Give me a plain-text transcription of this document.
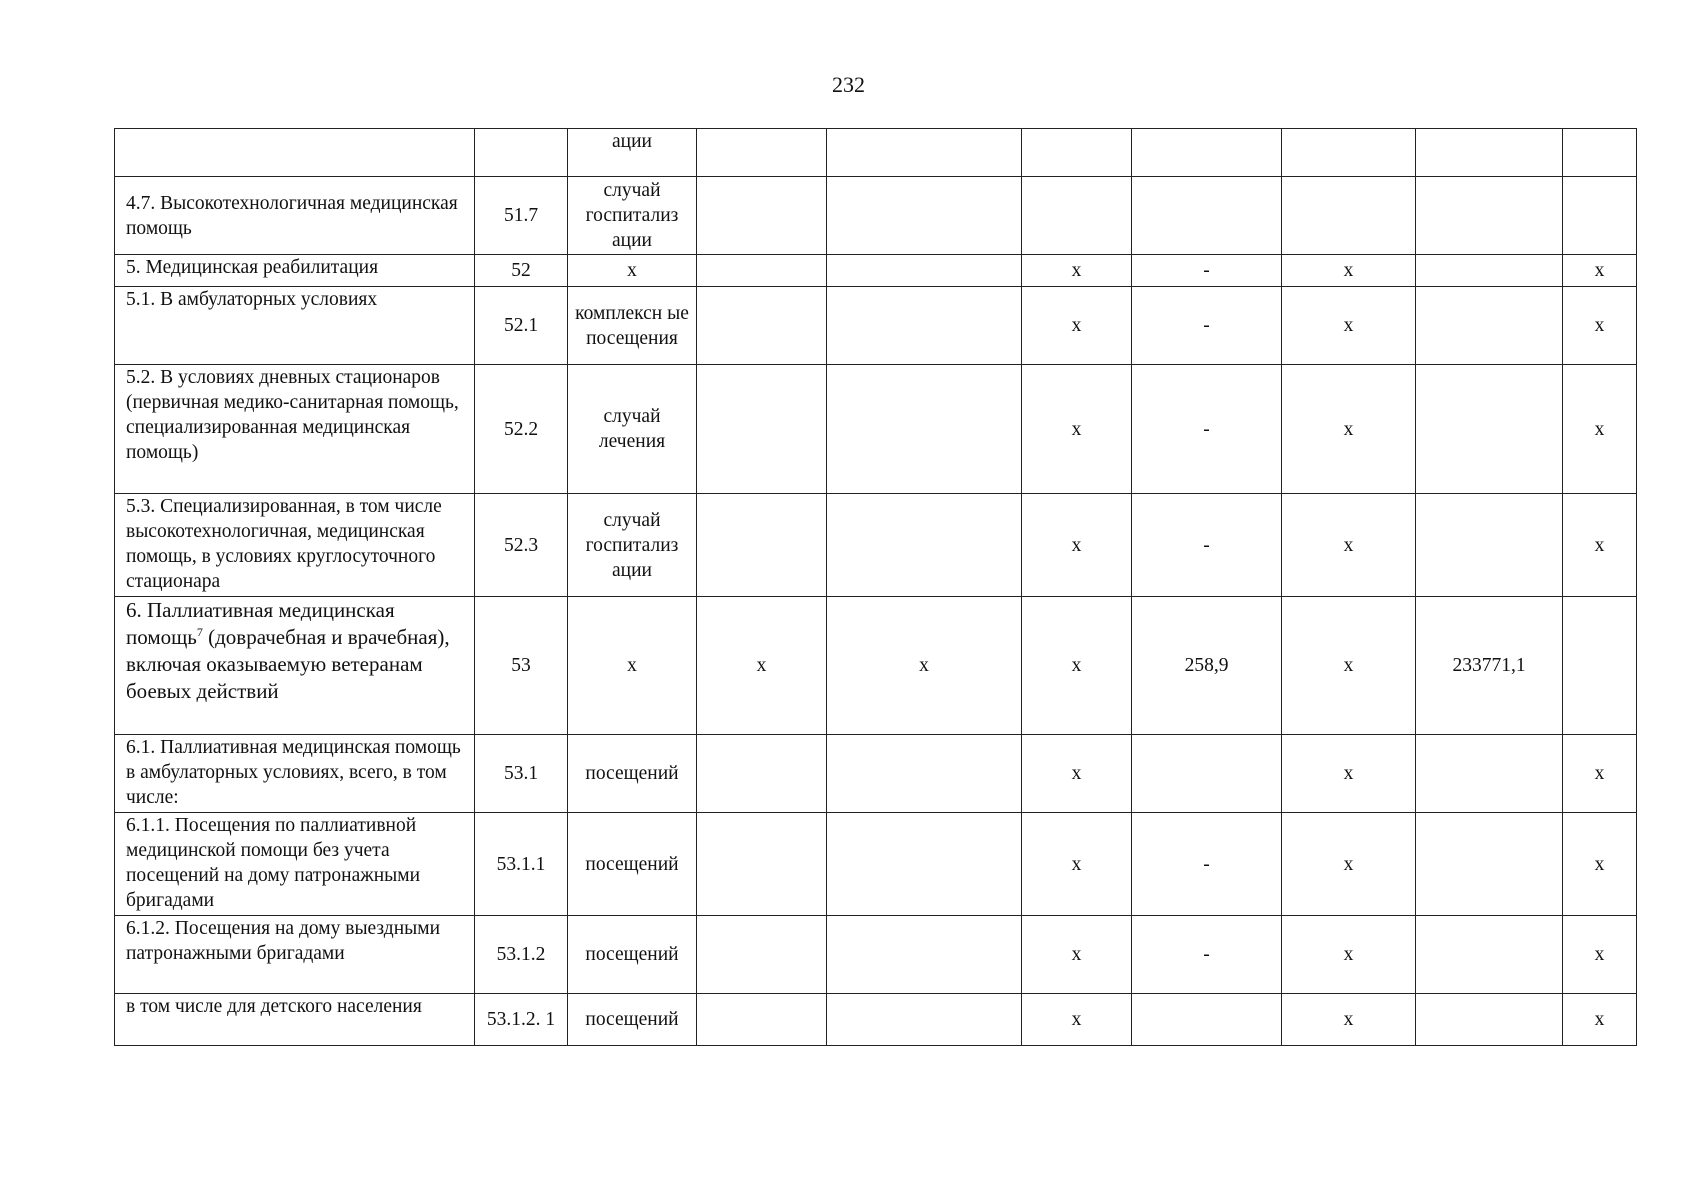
232
		ации							
4.7. Высокотехнологичная медицинская помощь	51.7	случай госпитализ ации							
5. Медицинская реабилитация	52	х			х	-	х		х
5.1. В амбулаторных условиях	52.1	комплексн ые посещения			х	-	х		х
5.2. В условиях дневных стационаров (первичная медико-санитарная помощь, специализированная медицинская помощь)	52.2	случай лечения			х	-	х		х
5.3. Специализированная, в том числе высокотехнологичная, медицинская помощь, в условиях круглосуточного стационара	52.3	случай госпитализ ации			х	-	х		х
6. Паллиативная медицинская помощь$^7$ (доврачебная и врачебная), включая оказываемую ветеранам боевых действий	53	х	х	х	х	258,9	х	233771,1	
6.1. Паллиативная медицинская помощь в амбулаторных условиях, всего, в том числе:	53.1	посещений			х		х		х
6.1.1. Посещения по паллиативной медицинской помощи без учета посещений на дому патронажными бригадами	53.1.1	посещений			х	-	х		х
6.1.2. Посещения на дому выездными патронажными бригадами	53.1.2	посещений			х	-	х		х
в том числе для детского населения	53.1.2. 1	посещений			х		х		х
